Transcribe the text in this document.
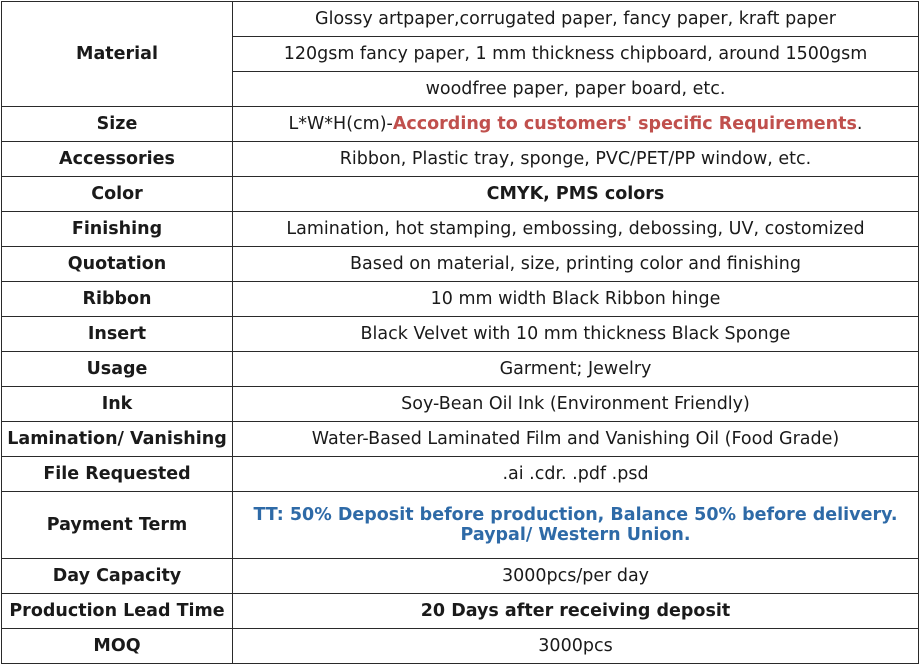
Material	Glossy artpaper,corrugated paper, fancy paper, kraft paper
	120gsm fancy paper, 1 mm thickness chipboard, around 1500gsm
	woodfree paper, paper board, etc.
Size	L*W*H(cm)-According to customers' specific Requirements.
Accessories	Ribbon, Plastic tray, sponge, PVC/PET/PP window, etc.
Color	CMYK, PMS colors
Finishing	Lamination, hot stamping, embossing, debossing, UV, costomized
Quotation	Based on material, size, printing color and finishing
Ribbon	10 mm width Black Ribbon hinge
Insert	Black Velvet with 10 mm thickness Black Sponge
Usage	Garment; Jewelry
Ink	Soy-Bean Oil Ink (Environment Friendly)
Lamination/ Vanishing	Water-Based Laminated Film and Vanishing Oil (Food Grade)
File Requested	.ai .cdr. .pdf .psd
Payment Term	TT: 50% Deposit before production, Balance 50% before delivery.
Paypal/ Western Union.

Day Capacity	3000pcs/per day
Production Lead Time	20 Days after receiving deposit
MOQ	3000pcs
